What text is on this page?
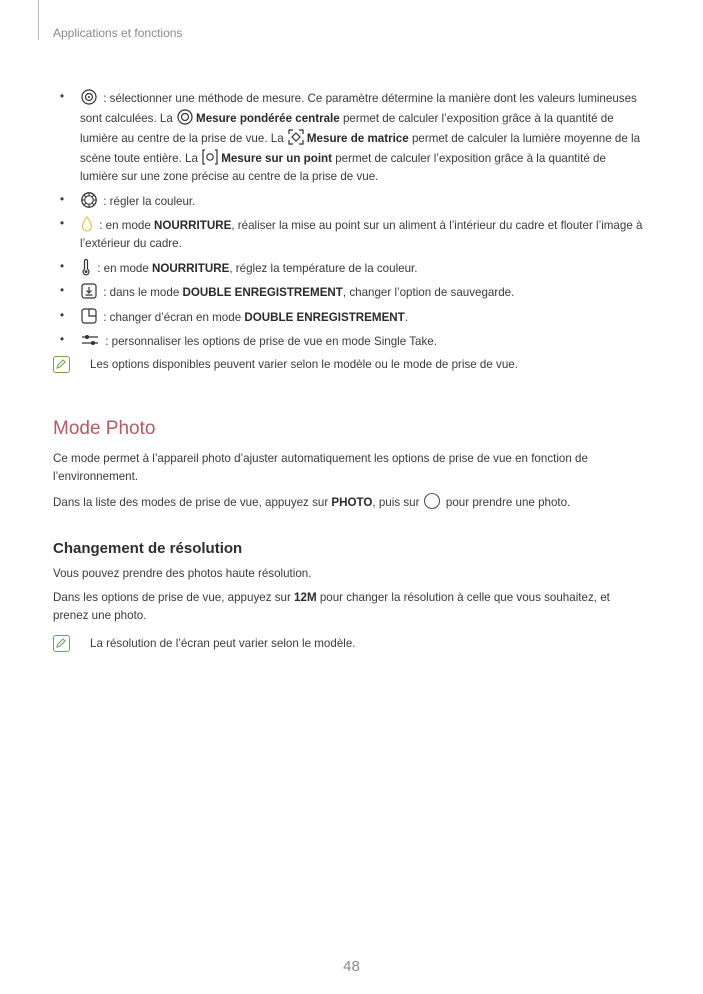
Applications et fonctions
• : sélectionner une méthode de mesure. Ce paramètre détermine la manière dont les valeurs lumineuses sont calculées. La
Mesure pondérée centrale permet de calculer l’exposition grâce à la quantité de lumière au centre de la prise de vue. La
Mesure de matrice permet de calculer la lumière moyenne de la scène toute entière. La
Mesure sur un point permet de calculer l’exposition grâce à la quantité de lumière sur une zone précise au centre de la prise de vue.
• : régler la couleur.
• : en mode NOURRITURE, réaliser la mise au point sur un aliment à l’intérieur du cadre et flouter l’image à l’extérieur du cadre.
• : en mode NOURRITURE, réglez la température de la couleur.
• : dans le mode DOUBLE ENREGISTREMENT, changer l’option de sauvegarde.
• : changer d’écran en mode DOUBLE ENREGISTREMENT.
• : personnaliser les options de prise de vue en mode Single Take.
Les options disponibles peuvent varier selon le modèle ou le mode de prise de vue.
Mode Photo

Ce mode permet à l’appareil photo d’ajuster automatiquement les options de prise de vue en fonction de l’environnement.

Dans la liste des modes de prise de vue, appuyez sur PHOTO, puis sur
pour prendre une photo.

Changement de résolution

Vous pouvez prendre des photos haute résolution.

Dans les options de prise de vue, appuyez sur 12M pour changer la résolution à celle que vous souhaitez, et prenez une photo.

La résolution de l’écran peut varier selon le modèle.
48
